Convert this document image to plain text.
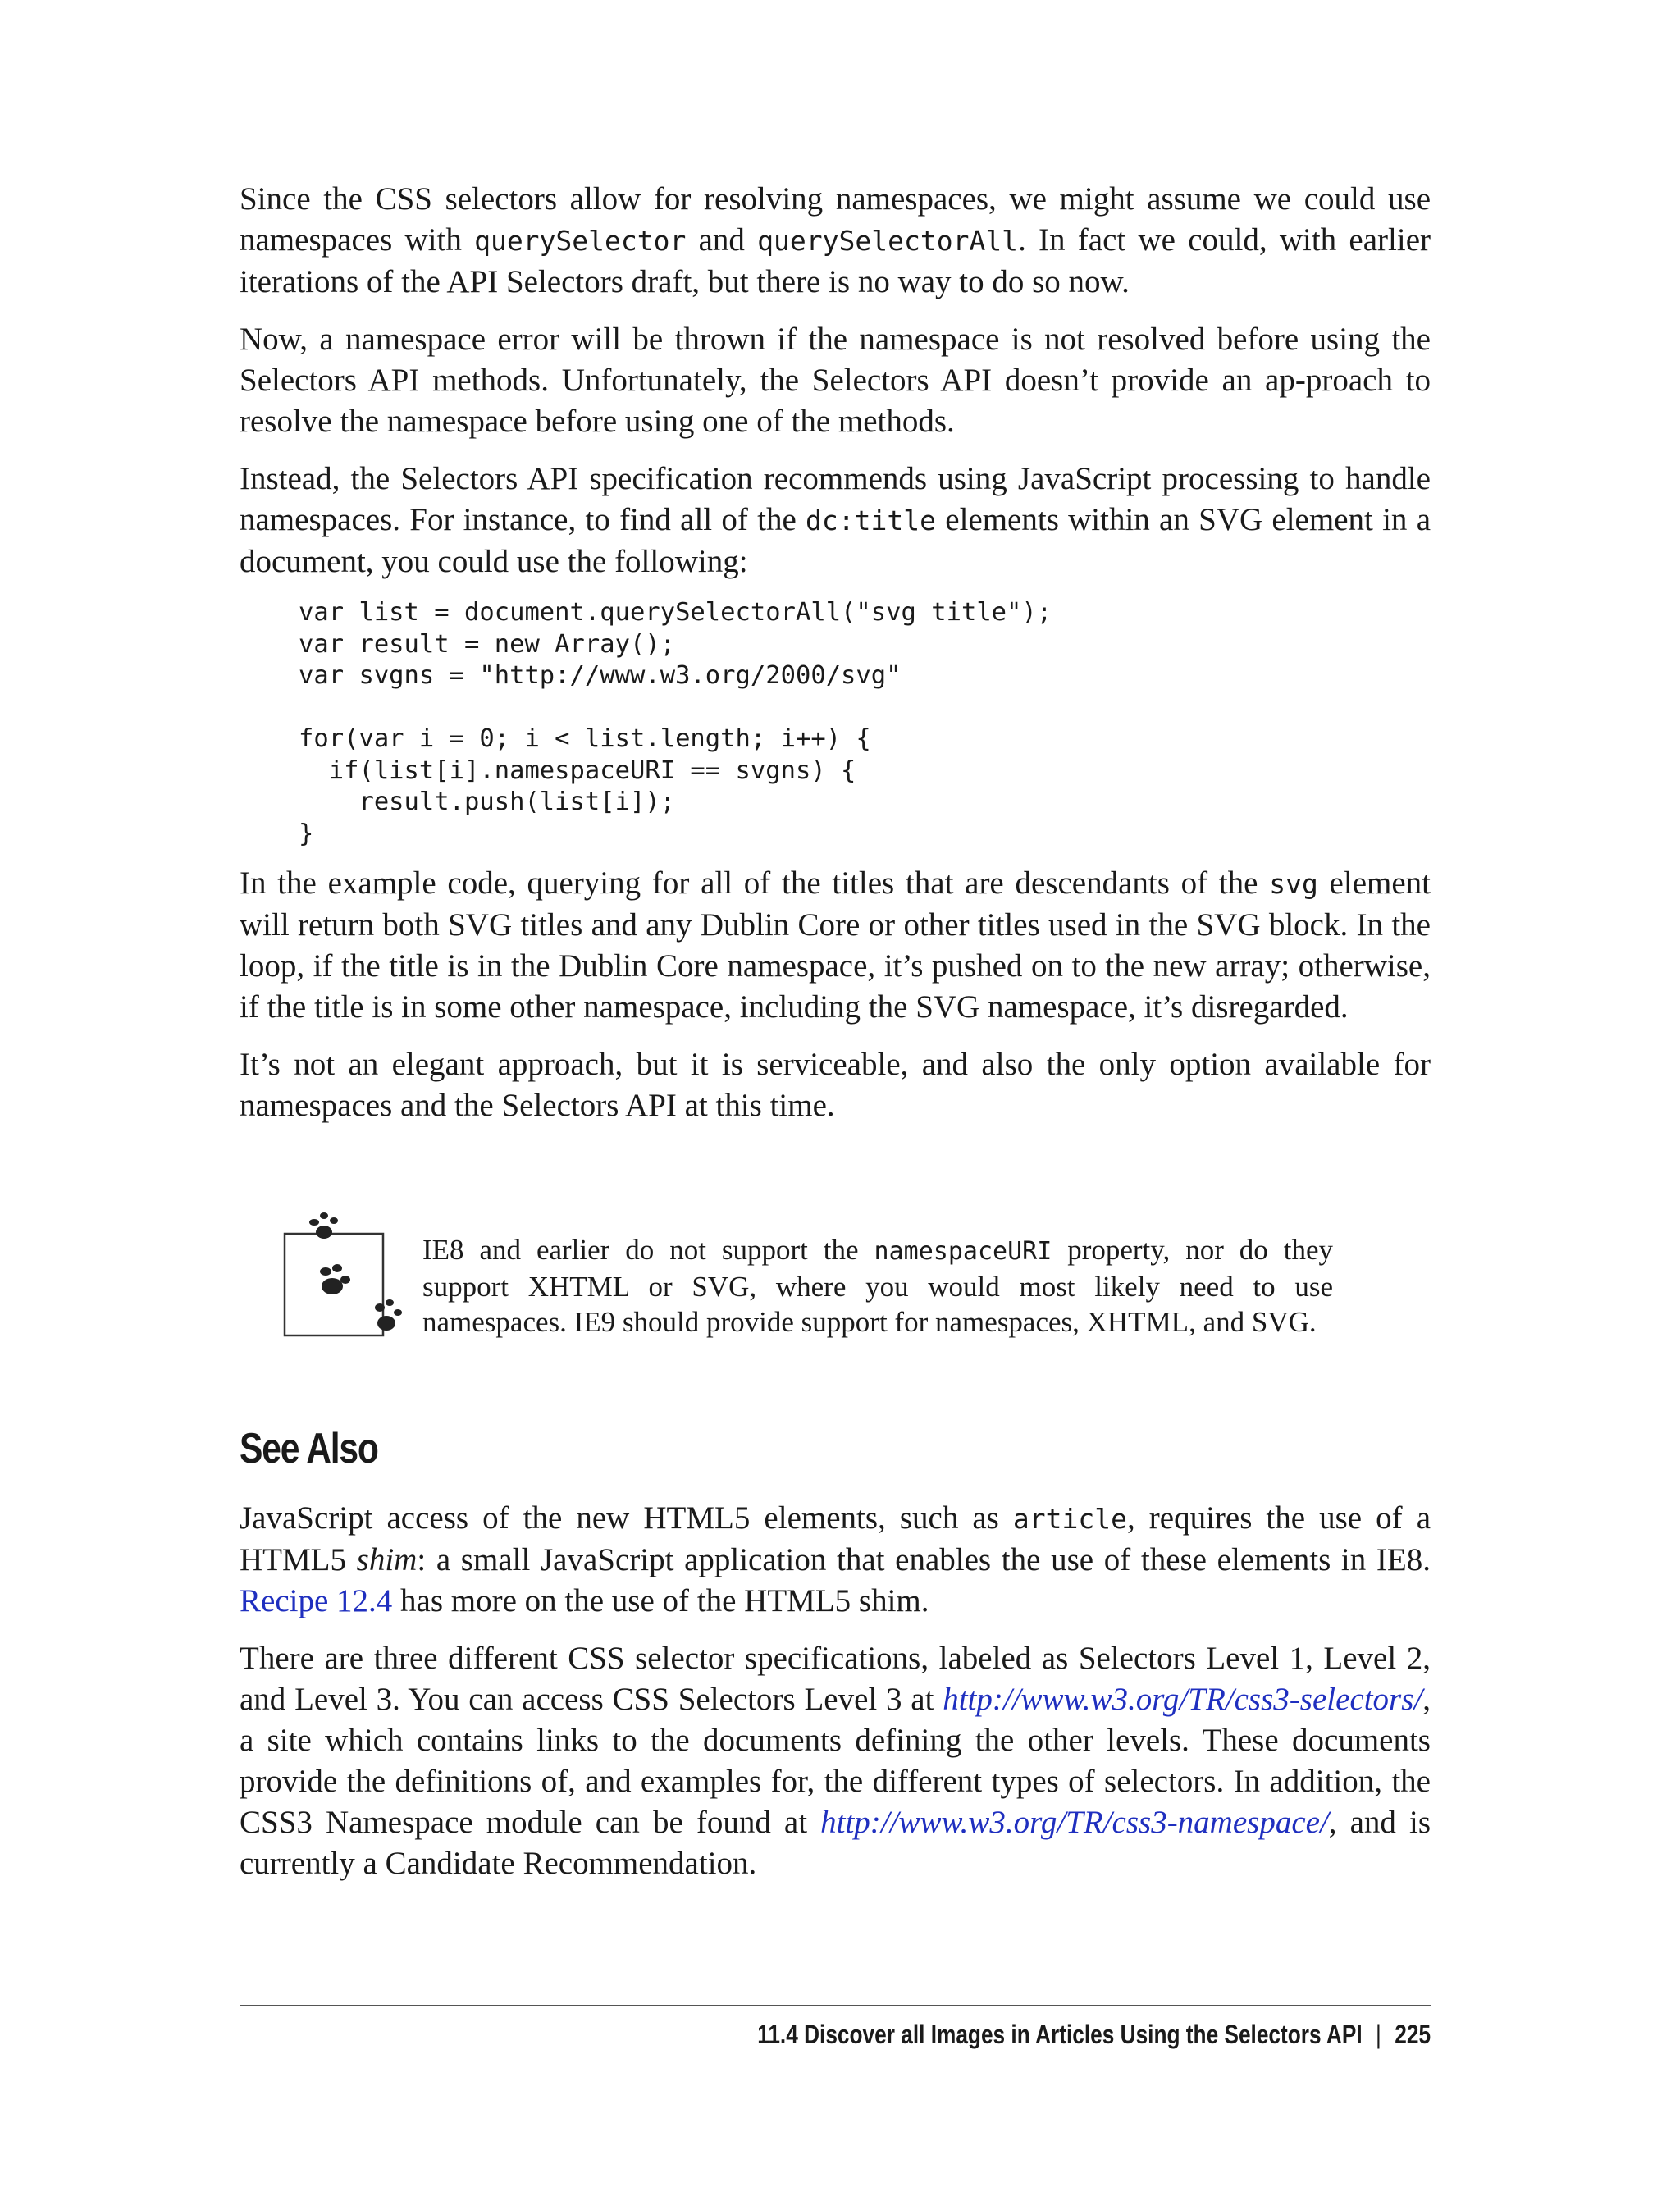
Since the CSS selectors allow for resolving namespaces, we might assume we could use namespaces with querySelector and querySelectorAll. In fact we could, with earlier iterations of the API Selectors draft, but there is no way to do so now.

Now, a namespace error will be thrown if the namespace is not resolved before using the Selectors API methods. Unfortunately, the Selectors API doesn’t provide an ap-proach to resolve the namespace before using one of the methods.

Instead, the Selectors API specification recommends using JavaScript processing to handle namespaces. For instance, to find all of the dc:title elements within an SVG element in a document, you could use the following:

var list = document.querySelectorAll("svg title");
var result = new Array();
var svgns = "http://www.w3.org/2000/svg"

for(var i = 0; i < list.length; i++) {
if(list[i].namespaceURI == svgns) {
result.push(list[i]);
}

In the example code, querying for all of the titles that are descendants of the svg element will return both SVG titles and any Dublin Core or other titles used in the SVG block. In the loop, if the title is in the Dublin Core namespace, it’s pushed on to the new array; otherwise, if the title is in some other namespace, including the SVG namespace, it’s disregarded.

It’s not an elegant approach, but it is serviceable, and also the only option available for namespaces and the Selectors API at this time.

IE8 and earlier do not support the namespaceURI property, nor do they support XHTML or SVG, where you would most likely need to use namespaces. IE9 should provide support for namespaces, XHTML, and SVG.
See Also

JavaScript access of the new HTML5 elements, such as article, requires the use of a HTML5 shim: a small JavaScript application that enables the use of these elements in IE8. Recipe 12.4 has more on the use of the HTML5 shim.

There are three different CSS selector specifications, labeled as Selectors Level 1, Level 2, and Level 3. You can access CSS Selectors Level 3 at http://www.w3.org/TR/css3-selectors/, a site which contains links to the documents defining the other levels. These documents provide the definitions of, and examples for, the different types of selectors. In addition, the CSS3 Namespace module can be found at http://www.w3.org/TR/css3-namespace/, and is currently a Candidate Recommendation.

11.4 Discover all Images in Articles Using the Selectors API | 225
